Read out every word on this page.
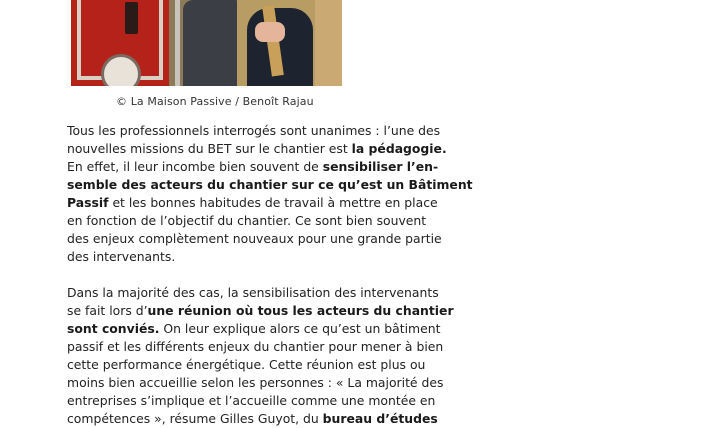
© La Maison Passive / Benoît Rajau

Tous les professionnels interrogés sont unanimes : l’une des
nouvelles missions du BET sur le chantier est la pédagogie.
En effet, il leur incombe bien souvent de sensibiliser l’en-
semble des acteurs du chantier sur ce qu’est un Bâtiment
Passif et les bonnes habitudes de travail à mettre en place
en fonction de l’objectif du chantier. Ce sont bien souvent
des enjeux complètement nouveaux pour une grande partie
des intervenants.

Dans la majorité des cas, la sensibilisation des intervenants
se fait lors d’une réunion où tous les acteurs du chantier
sont conviés. On leur explique alors ce qu’est un bâtiment
passif et les différents enjeux du chantier pour mener à bien
cette performance énergétique. Cette réunion est plus ou
moins bien accueillie selon les personnes : « La majorité des
entreprises s’implique et l’accueille comme une montée en
compétences », résume Gilles Guyot, du bureau d’études
